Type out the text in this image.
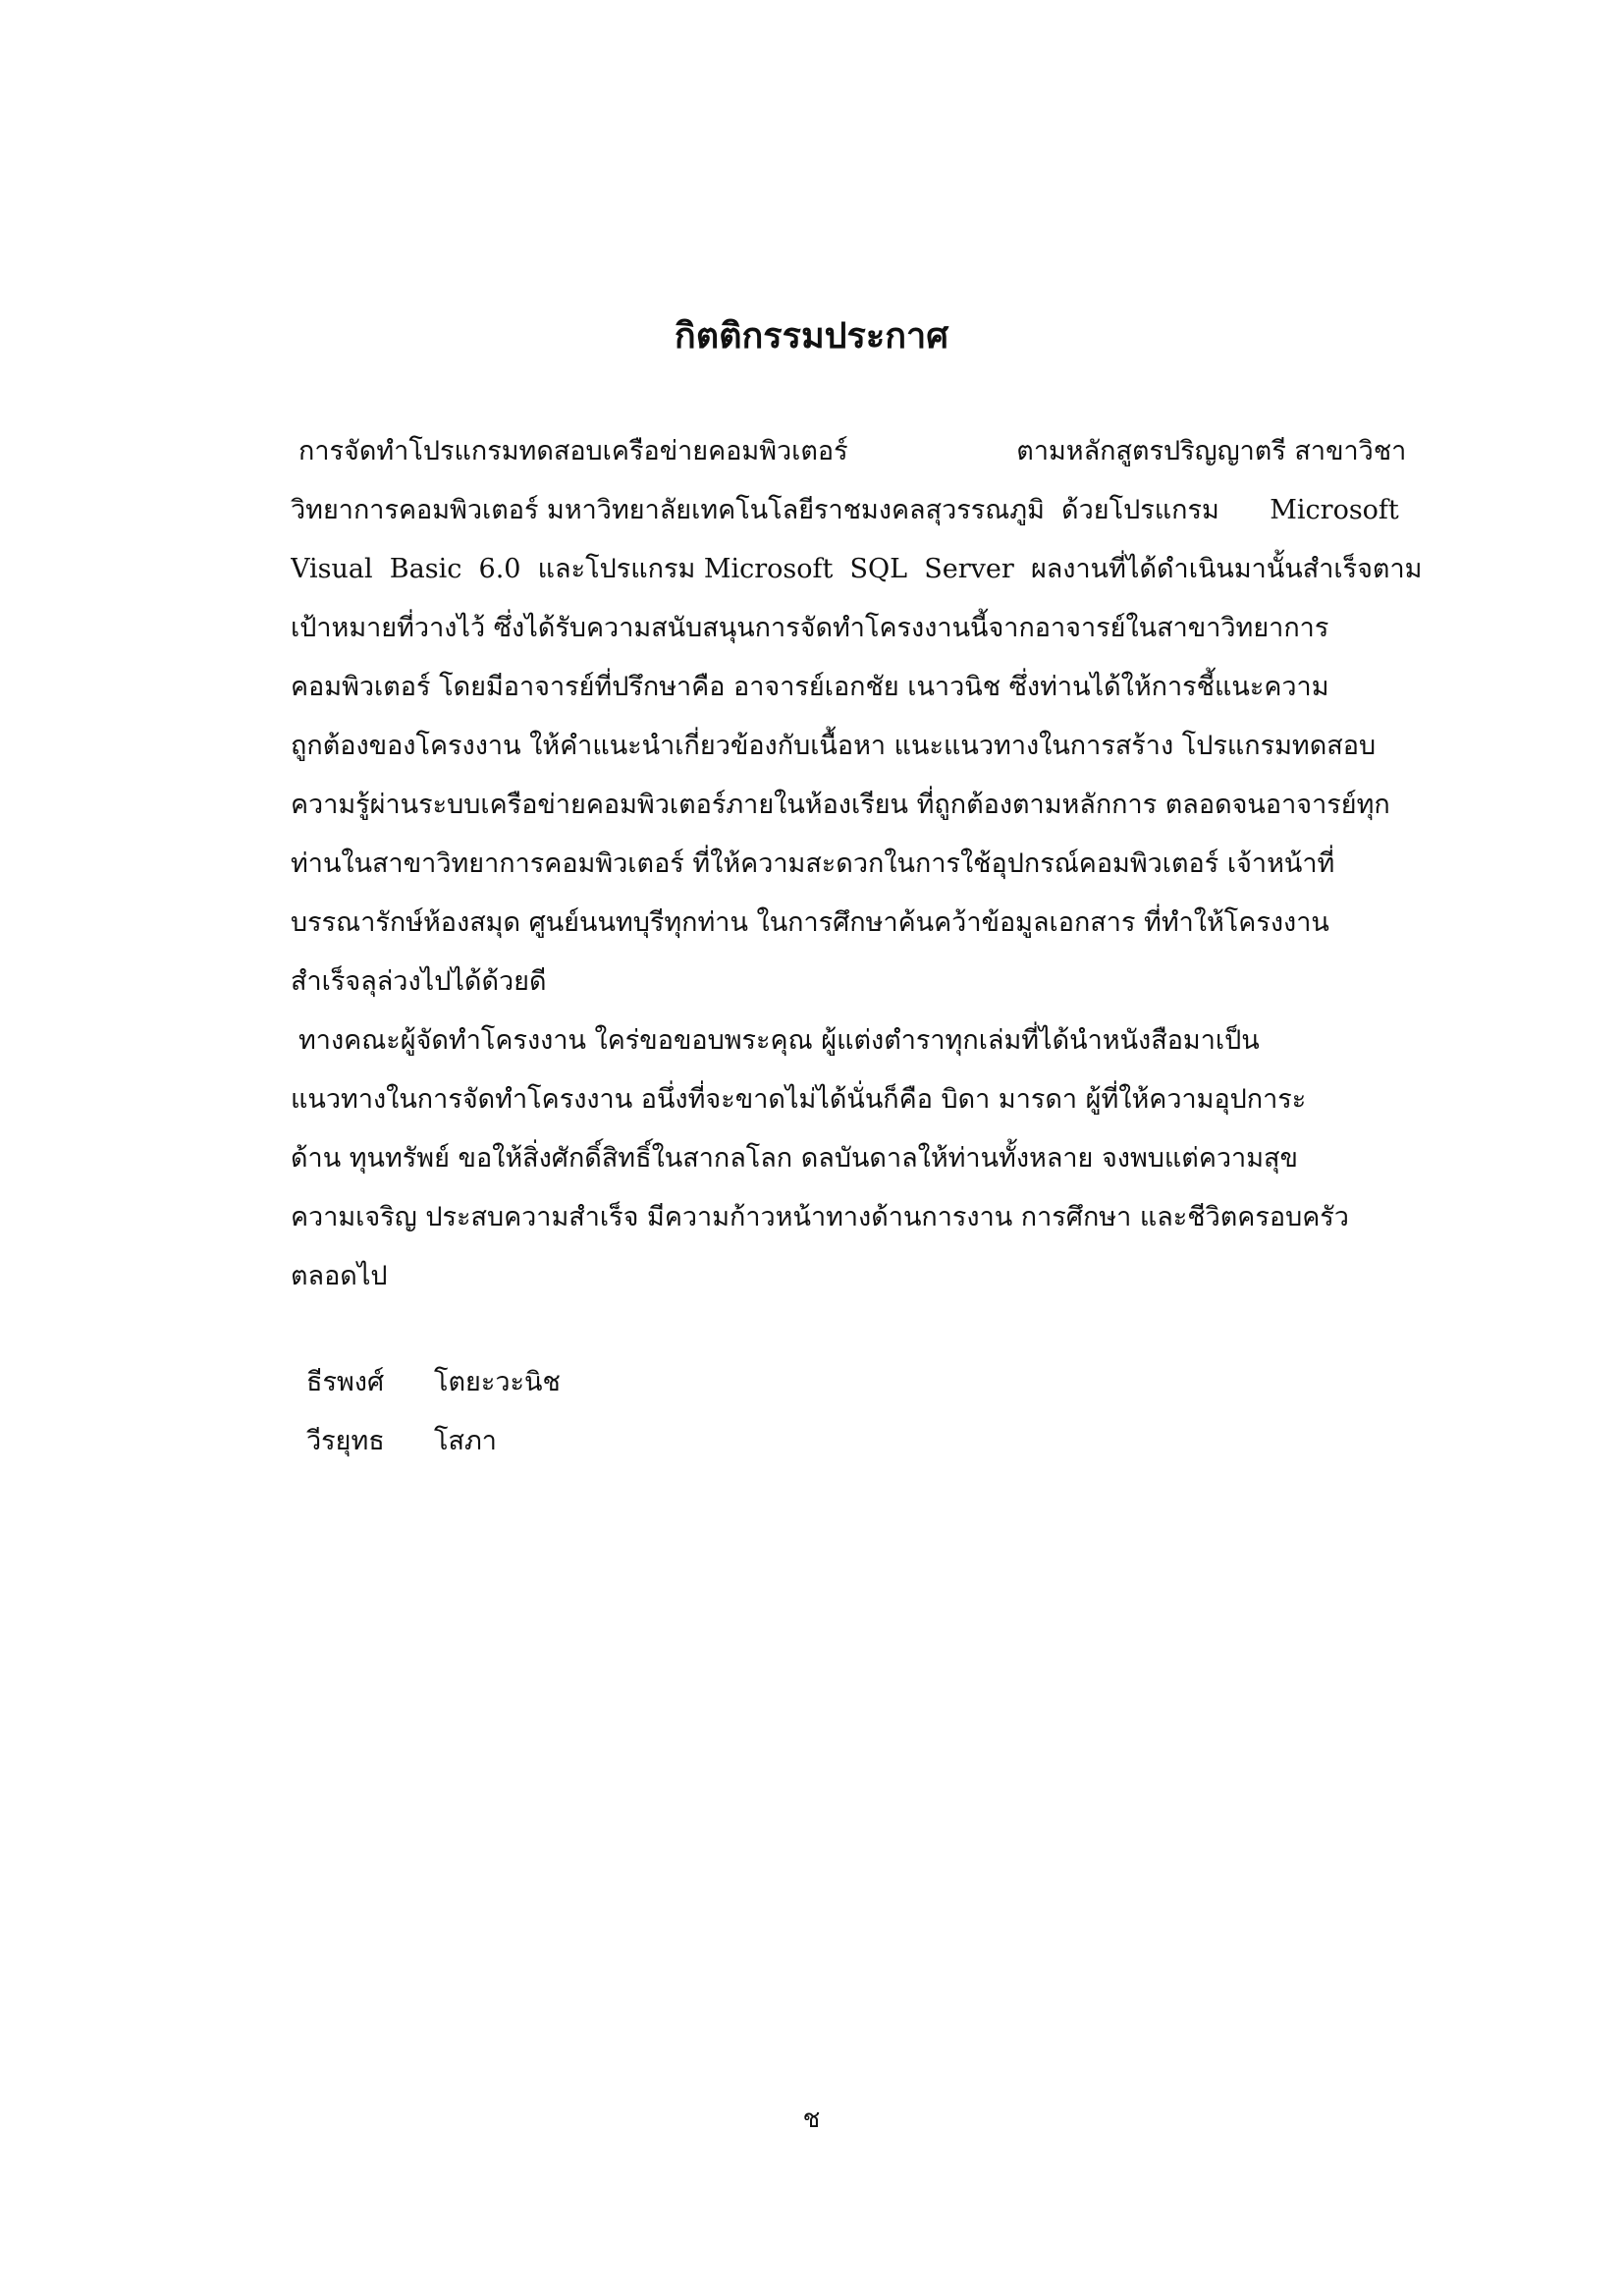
กิตติกรรมประกาศ
การจัดทำโปรแกรมทดสอบเครือข่ายคอมพิวเตอร์                    ตามหลักสูตรปริญญาตรี สาขาวิชา
วิทยาการคอมพิวเตอร์ มหาวิทยาลัยเทคโนโลยีราชมงคลสุวรรณภูมิ  ด้วยโปรแกรม      Microsoft
Visual  Basic  6.0  และโปรแกรม Microsoft  SQL  Server  ผลงานที่ได้ดำเนินมานั้นสำเร็จตาม
เป้าหมายที่วางไว้ ซึ่งได้รับความสนับสนุนการจัดทำโครงงานนี้จากอาจารย์ในสาขาวิทยาการ
คอมพิวเตอร์ โดยมีอาจารย์ที่ปรึกษาคือ อาจารย์เอกชัย เนาวนิช ซึ่งท่านได้ให้การชี้แนะความ
ถูกต้องของโครงงาน ให้คำแนะนำเกี่ยวข้องกับเนื้อหา แนะแนวทางในการสร้าง โปรแกรมทดสอบ
ความรู้ผ่านระบบเครือข่ายคอมพิวเตอร์ภายในห้องเรียน ที่ถูกต้องตามหลักการ ตลอดจนอาจารย์ทุก
ท่านในสาขาวิทยาการคอมพิวเตอร์ ที่ให้ความสะดวกในการใช้อุปกรณ์คอมพิวเตอร์ เจ้าหน้าที่
บรรณารักษ์ห้องสมุด ศูนย์นนทบุรีทุกท่าน ในการศึกษาค้นคว้าข้อมูลเอกสาร ที่ทำให้โครงงาน
สำเร็จลุล่วงไปได้ด้วยดี
ทางคณะผู้จัดทำโครงงาน ใคร่ขอขอบพระคุณ ผู้แต่งตำราทุกเล่มที่ได้นำหนังสือมาเป็น
แนวทางในการจัดทำโครงงาน อนึ่งที่จะขาดไม่ได้นั่นก็คือ บิดา มารดา ผู้ที่ให้ความอุปการะ
ด้าน ทุนทรัพย์ ขอให้สิ่งศักดิ์สิทธิ์ในสากลโลก ดลบันดาลให้ท่านทั้งหลาย จงพบแต่ความสุข
ความเจริญ ประสบความสำเร็จ มีความก้าวหน้าทางด้านการงาน การศึกษา และชีวิตครอบครัว
ตลอดไป
ธีรพงศ์ โตยะวะนิช
วีรยุทธ โสภา
ช
